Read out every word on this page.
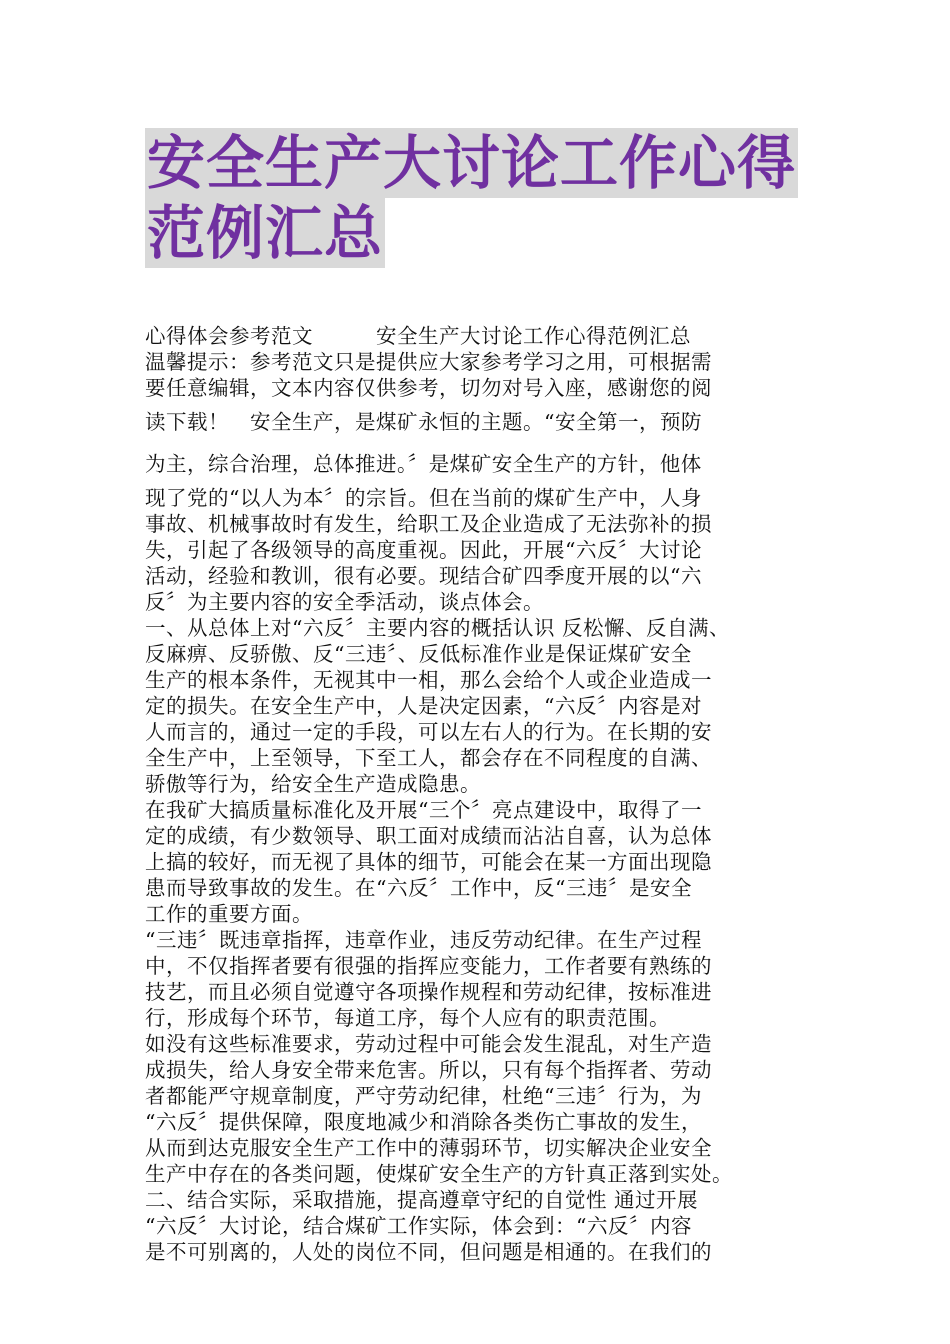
安全生产大讨论工作心得
范例汇总
心得体会参考范文　　　安全生产大讨论工作心得范例汇总
温馨提示：参考范文只是提供应大家参考学习之用，可根据需
要任意编辑，文本内容仅供参考，切勿对号入座，感谢您的阅
读下载！　安全生产，是煤矿永恒的主题。“安全第一，预防
为主，综合治理，总体推进。〞是煤矿安全生产的方针，他体
现了党的“以人为本〞的宗旨。但在当前的煤矿生产中，人身
事故、机械事故时有发生，给职工及企业造成了无法弥补的损
失，引起了各级领导的高度重视。因此，开展“六反〞大讨论
活动，经验和教训，很有必要。现结合矿四季度开展的以“六
反〞为主要内容的安全季活动，谈点体会。
一、从总体上对“六反〞主要内容的概括认识 反松懈、反自满、
反麻痹、反骄傲、反“三违〞、反低标准作业是保证煤矿安全
生产的根本条件，无视其中一相，那么会给个人或企业造成一
定的损失。在安全生产中，人是决定因素，“六反〞内容是对
人而言的，通过一定的手段，可以左右人的行为。在长期的安
全生产中，上至领导，下至工人，都会存在不同程度的自满、
骄傲等行为，给安全生产造成隐患。
在我矿大搞质量标准化及开展“三个〞亮点建设中，取得了一
定的成绩，有少数领导、职工面对成绩而沾沾自喜，认为总体
上搞的较好，而无视了具体的细节，可能会在某一方面出现隐
患而导致事故的发生。在“六反〞工作中，反“三违〞是安全
工作的重要方面。
“三违〞既违章指挥，违章作业，违反劳动纪律。在生产过程
中，不仅指挥者要有很强的指挥应变能力，工作者要有熟练的
技艺，而且必须自觉遵守各项操作规程和劳动纪律，按标准进
行，形成每个环节，每道工序，每个人应有的职责范围。
如没有这些标准要求，劳动过程中可能会发生混乱，对生产造
成损失，给人身安全带来危害。所以，只有每个指挥者、劳动
者都能严守规章制度，严守劳动纪律，杜绝“三违〞行为，为
“六反〞提供保障，限度地减少和消除各类伤亡事故的发生，
从而到达克服安全生产工作中的薄弱环节，切实解决企业安全
生产中存在的各类问题，使煤矿安全生产的方针真正落到实处。
二、结合实际，采取措施，提高遵章守纪的自觉性 通过开展
“六反〞大讨论，结合煤矿工作实际，体会到：“六反〞内容
是不可别离的，人处的岗位不同，但问题是相通的。在我们的
